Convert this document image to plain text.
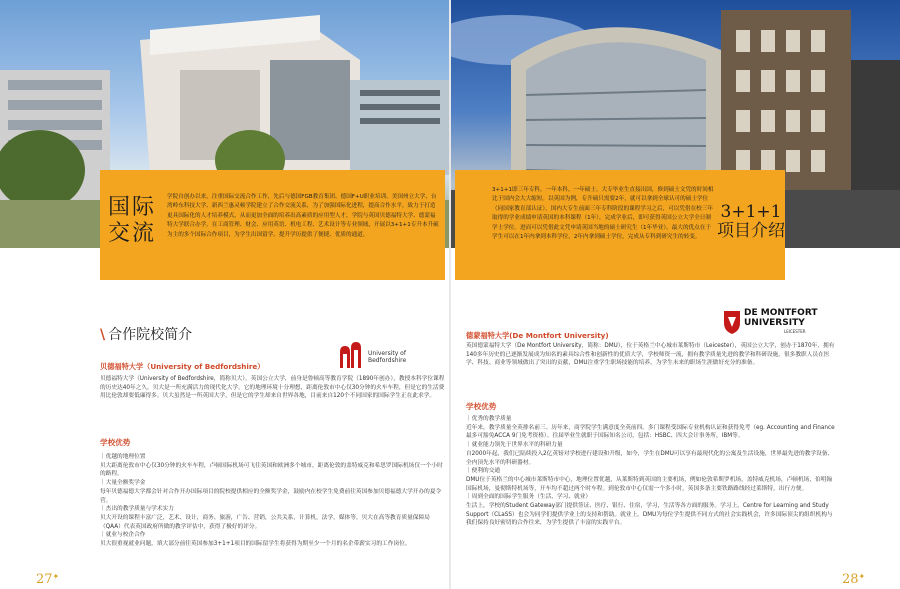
国际交流
学院自创办以来，注重国际交流合作工作，先后与德国FGB教育集团、德国F+U职业培训、美国州立大学、台湾岭东科技大学、新西兰惠灵顿学院建立了合作交流关系，为了加强国际化进程，提高合作水平，致力于打造更具国际化的人才培养模式，从而更加全面的培养出高素质的应用型人才，学院与英国贝德福特大学、德蒙福特大学联合办学，在工商管理、财会、应用英语、机电工程、艺术设计等专业领域，开展以3+1+1专升本升硕为主的多个国际合作项目，为学生出国留学，提升学历提供了便捷、优质的通道。
3+1+1即三年专科，一年本科，一年硕士。大专毕业生直接出国，修到硕士文凭的时间相比于国内会大大缩短。以英国为例，专升硕只需要2年，就可以拿到全球认可的硕士学位（同国家教育部认证），国内大专生前面三年专科阶段的课程学习之后，可以凭借在校三年取得的学业成绩申请英国的本科课程（1年），完成学业后，即可获得英国公立大学全日制学士学位。进而可以凭借此文凭申请英国当地的硕士研究生（1年毕业）。最大的优点在于学生可以在1年内拿到本科学位，2年内拿到硕士学位，完成从专科到研究生的转变。
3+1+1
项目介绍
\ 合作院校简介
贝德福特大学（University of Bedfordshire）
University of Bedfordshire
贝德福特大学（University of Bedfordshire，简称贝大），英国公立大学，前身是鲁顿高等教育学院（1890年创办），教授本科学位课程的历史达40年之久，贝大是一所充满活力的现代化大学。它的地理环境十分理想，距离伦敦市中心仅30分钟的火车车程，但是它的生活费用比伦敦却要低廉得多。贝大虽然是一所英国大学，但是它的学生却来自世界各地，目前来自120个不同国家的国际学生正在此求学。
学校优势
｜优越的地理位置
贝大距离伦敦市中心仅30分钟的火车车程，卢顿国际机场可飞往英国和欧洲多个城市，距离伦敦的盖特威克和希思罗国际机场仅一个小时的路程。
｜大量全额奖学金
每年贝德福德大学都会针对合作开办国际项目的院校提供相应的全额奖学金，鼓励内在校学生免费前往英国参加贝德福德大学开办的夏令营。
｜杰出的教学质量与学术实力
贝大开设的课程丰富广泛，艺术、设计，商务、旅游，广告、营销，公共关系，计算机，法学，媒体等。贝大在高等教育质量保障局（QAA）代表英国政府所做的教学评估中，获得了极好的评分。
｜就业与校企合作
贝大很重视就业问题，填大部分前往英国参加3+1+1项目的国际留学生将获得为期至少一个月的名企带薪实习的工作岗位。
27✦
德蒙福特大学(De Montfort University)
DE MONTFORT
UNIVERSITY
LEICESTER
英国德蒙福特大学（De Montfort University，简称：DMU），位于英格兰中心城市莱斯特市（Leicester），英国公立大学，创办于1870年，拥有140多年历史的已逐渐发展成为知名的素具综合性和创新性的优质大学，学校师资一流，拥有教学质量先进的教学和科研设施，很多教职人员在医学、科技、商业等领域做出了突出的贡献，DMU注重学生职场技能的培养，为学生未来的职场生涯做好充分的准备。
学校优势
｜优秀的教学质量
近年来，教学质量全英排名前三。历年来，商学院学生满意度全英前四。多门课程受国际专业机构认证和获得免考（eg. Accounting and Finance最多可豁免ACCA 9门免考资格）。往届毕业生就职于国际知名公司，包括：HSBC、四大会计事务所，IBM等。
｜就业能力领先于世界水平的科研力量
自2000年起，我们已陆续投入2亿英镑对学校进行建设和升级，如今，学生在DMU可以享有最现代化的公寓及生活设施，世界最先进的教学设备、全内顶先水平的科研器材。
｜便利的交通
DMU位于英格兰的中心城市莱斯特市中心，地理位置优越，从莱斯特到英国的主要机场，例如伦敦希斯罗机场，盖特威克机场，卢顿机场，伯明翰国际机场，曼彻斯特机场等，开车均不超过两个时车程。到伦敦市中心仅需一个多小时，英国多条主要铁路路线经过莱斯特，出行方便。
｜周到全面的国际学生服务（生活、学习、就业）
生活上，学校的Student Gateway部门提供签证、医疗、银行、住宿，学习，生活等各方面的服务。学习上，Centre for Learning and Study Support（CLaSS）也会为同学们提供学业上的支持和帮助。就业上，DMU为每位学生提供不同方式的社会实践机会，许多国际顶尖的组织机构与我们保持良好密切的合作往来，为学生提供了丰富的实践平台。
28✦
